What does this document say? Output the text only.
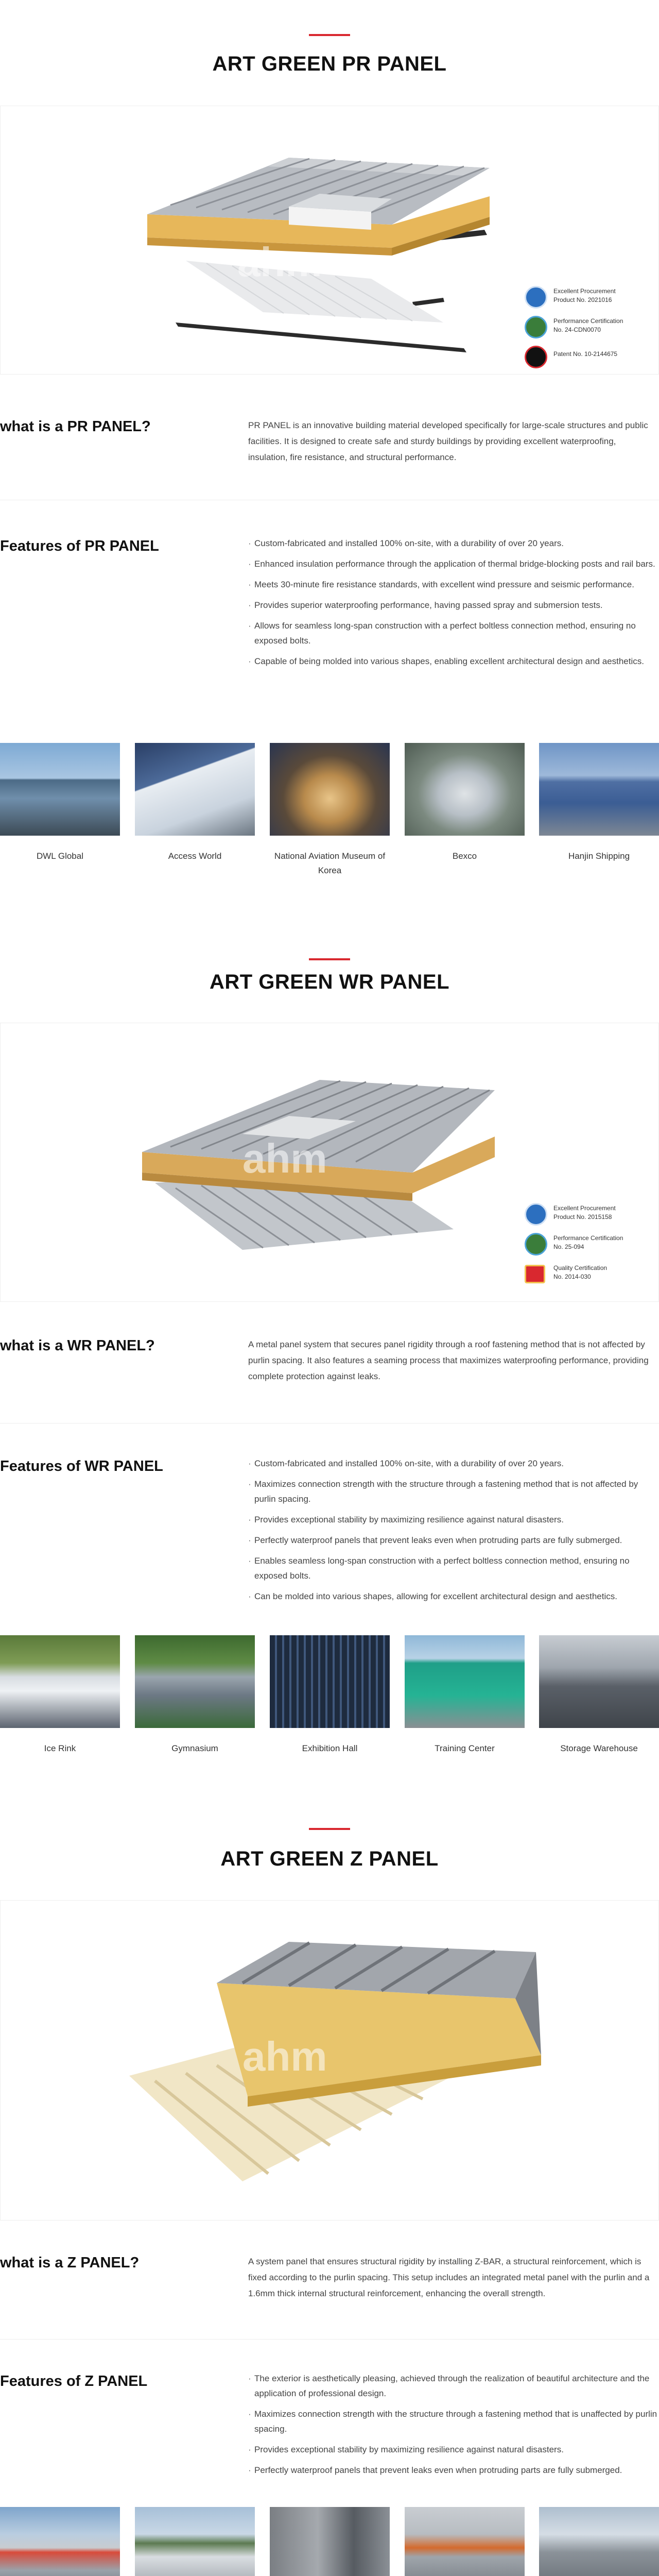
ART GREEN PR PANEL
ahm
Excellent Procurement
Product No. 2021016
Performance Certification
No. 24-CDN0070
Patent No. 10-2144675
what is a PR PANEL?	PR PANEL is an innovative building material developed specifically for large-scale structures and public facilities. It is designed to create safe and sturdy buildings by providing excellent waterproofing, insulation, fire resistance, and structural performance.

Features of PR PANEL	· Custom-fabricated and installed 100% on-site, with a durability of over 20 years.
· Enhanced insulation performance through the application of thermal bridge-blocking posts and rail bars.
· Meets 30-minute fire resistance standards, with excellent wind pressure and seismic performance.
· Provides superior waterproofing performance, having passed spray and submersion tests.
· Allows for seamless long-span construction with a perfect boltless connection method, ensuring no exposed bolts.
· Capable of being molded into various shapes, enabling excellent architectural design and aesthetics.
DWL Global	Access World	National Aviation Museum of Korea
Bexco	Hanjin Shipping
ART GREEN WR PANEL
ahm
Excellent Procurement
Product No. 2015158
Performance Certification
No. 25-094
Quality Certification
No. 2014-030
what is a WR PANEL?	A metal panel system that secures panel rigidity through a roof fastening method that is not affected by purlin spacing. It also features a seaming process that maximizes waterproofing performance, providing complete protection against leaks.

Features of WR PANEL	· Custom-fabricated and installed 100% on-site, with a durability of over 20 years.
· Maximizes connection strength with the structure through a fastening method that is not affected by purlin spacing.
· Provides exceptional stability by maximizing resilience against natural disasters.
· Perfectly waterproof panels that prevent leaks even when protruding parts are fully submerged.
· Enables seamless long-span construction with a perfect boltless connection method, ensuring no exposed bolts.
· Can be molded into various shapes, allowing for excellent architectural design and aesthetics.
Ice Rink	Gymnasium	Exhibition Hall	Training Center	Storage Warehouse
ART GREEN Z PANEL
ahm
what is a Z PANEL?	A system panel that ensures structural rigidity by installing Z-BAR, a structural reinforcement, which is fixed according to the purlin spacing. This setup includes an integrated metal panel with the purlin and a 1.6mm thick internal structural reinforcement, enhancing the overall strength.

Features of Z PANEL	· The exterior is aesthetically pleasing, achieved through the realization of beautiful architecture and the application of professional design.
· Maximizes connection strength with the structure through a fastening method that is unaffected by purlin spacing.
· Provides exceptional stability by maximizing resilience against natural disasters.
· Perfectly waterproof panels that prevent leaks even when protruding parts are fully submerged.
